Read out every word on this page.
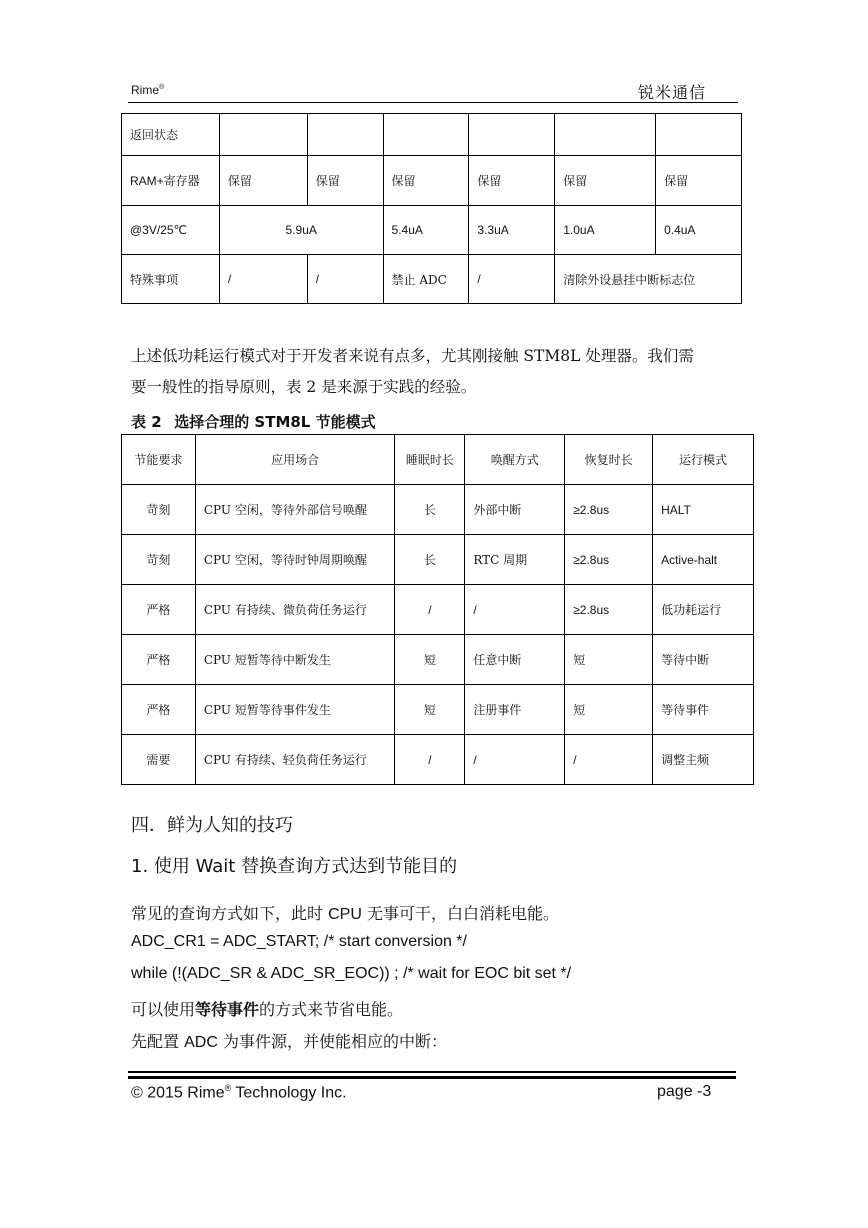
Rime®	锐米通信
返回状态						
RAM+寄存器	保留	保留	保留	保留	保留	保留
@3V/25℃	5.9uA		5.4uA	3.3uA	1.0uA	0.4uA
特殊事项	/	/	禁止 ADC	/	清除外设悬挂中断标志位	
上述低功耗运行模式对于开发者来说有点多，尤其刚接触 STM8L 处理器。我们需
要一般性的指导原则，表 2 是来源于实践的经验。
表 2 选择合理的 STM8L 节能模式
节能要求	应用场合	睡眠时长	唤醒方式	恢复时长	运行模式
苛刻	CPU 空闲，等待外部信号唤醒	长	外部中断	≥2.8us	HALT
苛刻	CPU 空闲，等待时钟周期唤醒	长	RTC 周期	≥2.8us	Active-halt
严格	CPU 有持续、微负荷任务运行	/	/	≥2.8us	低功耗运行
严格	CPU 短暂等待中断发生	短	任意中断	短	等待中断
严格	CPU 短暂等待事件发生	短	注册事件	短	等待事件
需要	CPU 有持续、轻负荷任务运行	/	/	/	调整主频
四．鲜为人知的技巧
1. 使用 Wait 替换查询方式达到节能目的
常见的查询方式如下，此时 CPU 无事可干，白白消耗电能。
ADC_CR1 = ADC_START; /* start conversion */
while (!(ADC_SR & ADC_SR_EOC)) ; /* wait for EOC bit set */
可以使用等待事件的方式来节省电能。
先配置 ADC 为事件源，并使能相应的中断：
© 2015 Rime® Technology Inc.	page -3
